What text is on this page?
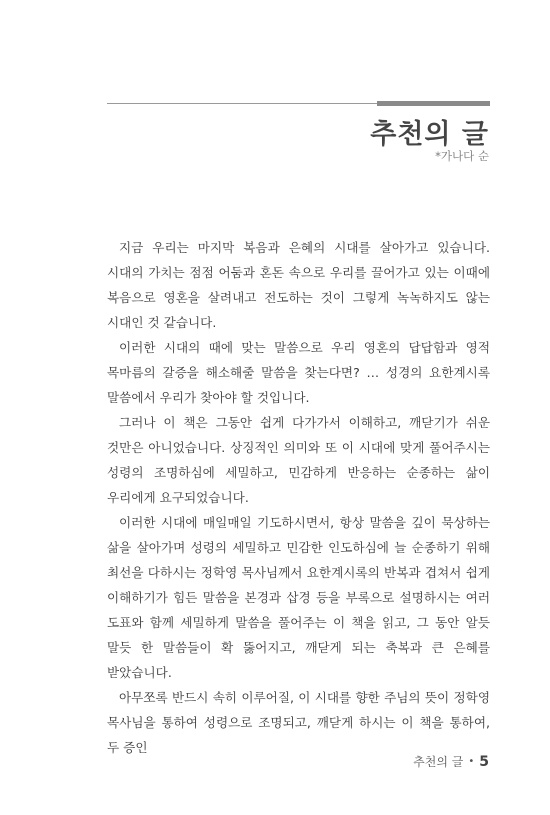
추천의 글
*가나다 순

지금 우리는 마지막 복음과 은혜의 시대를 살아가고 있습니다. 시대의 가치는 점점 어둠과 혼돈 속으로 우리를 끌어가고 있는 이때에 복음으로 영혼을 살려내고 전도하는 것이 그렇게 녹녹하지도 않는 시대인 것 같습니다.

이러한 시대의 때에 맞는 말씀으로 우리 영혼의 답답함과 영적 목마름의 갈증을 해소해줄 말씀을 찾는다면? … 성경의 요한계시록 말씀에서 우리가 찾아야 할 것입니다.

그러나 이 책은 그동안 쉽게 다가가서 이해하고, 깨닫기가 쉬운 것만은 아니었습니다. 상징적인 의미와 또 이 시대에 맞게 풀어주시는 성령의 조명하심에 세밀하고, 민감하게 반응하는 순종하는 삶이 우리에게 요구되었습니다.

이러한 시대에 매일매일 기도하시면서, 항상 말씀을 깊이 묵상하는 삶을 살아가며 성령의 세밀하고 민감한 인도하심에 늘 순종하기 위해 최선을 다하시는 정학영 목사님께서 요한계시록의 반복과 겹쳐서 쉽게 이해하기가 힘든 말씀을 본경과 삽경 등을 부록으로 설명하시는 여러 도표와 함께 세밀하게 말씀을 풀어주는 이 책을 읽고, 그 동안 알듯 말듯 한 말씀들이 확 뚫어지고, 깨닫게 되는 축복과 큰 은혜를 받았습니다.

아무쪼록 반드시 속히 이루어질, 이 시대를 향한 주님의 뜻이 정학영 목사님을 통하여 성령으로 조명되고, 깨닫게 하시는 이 책을 통하여, 두 증인

추천의 글 • 5
